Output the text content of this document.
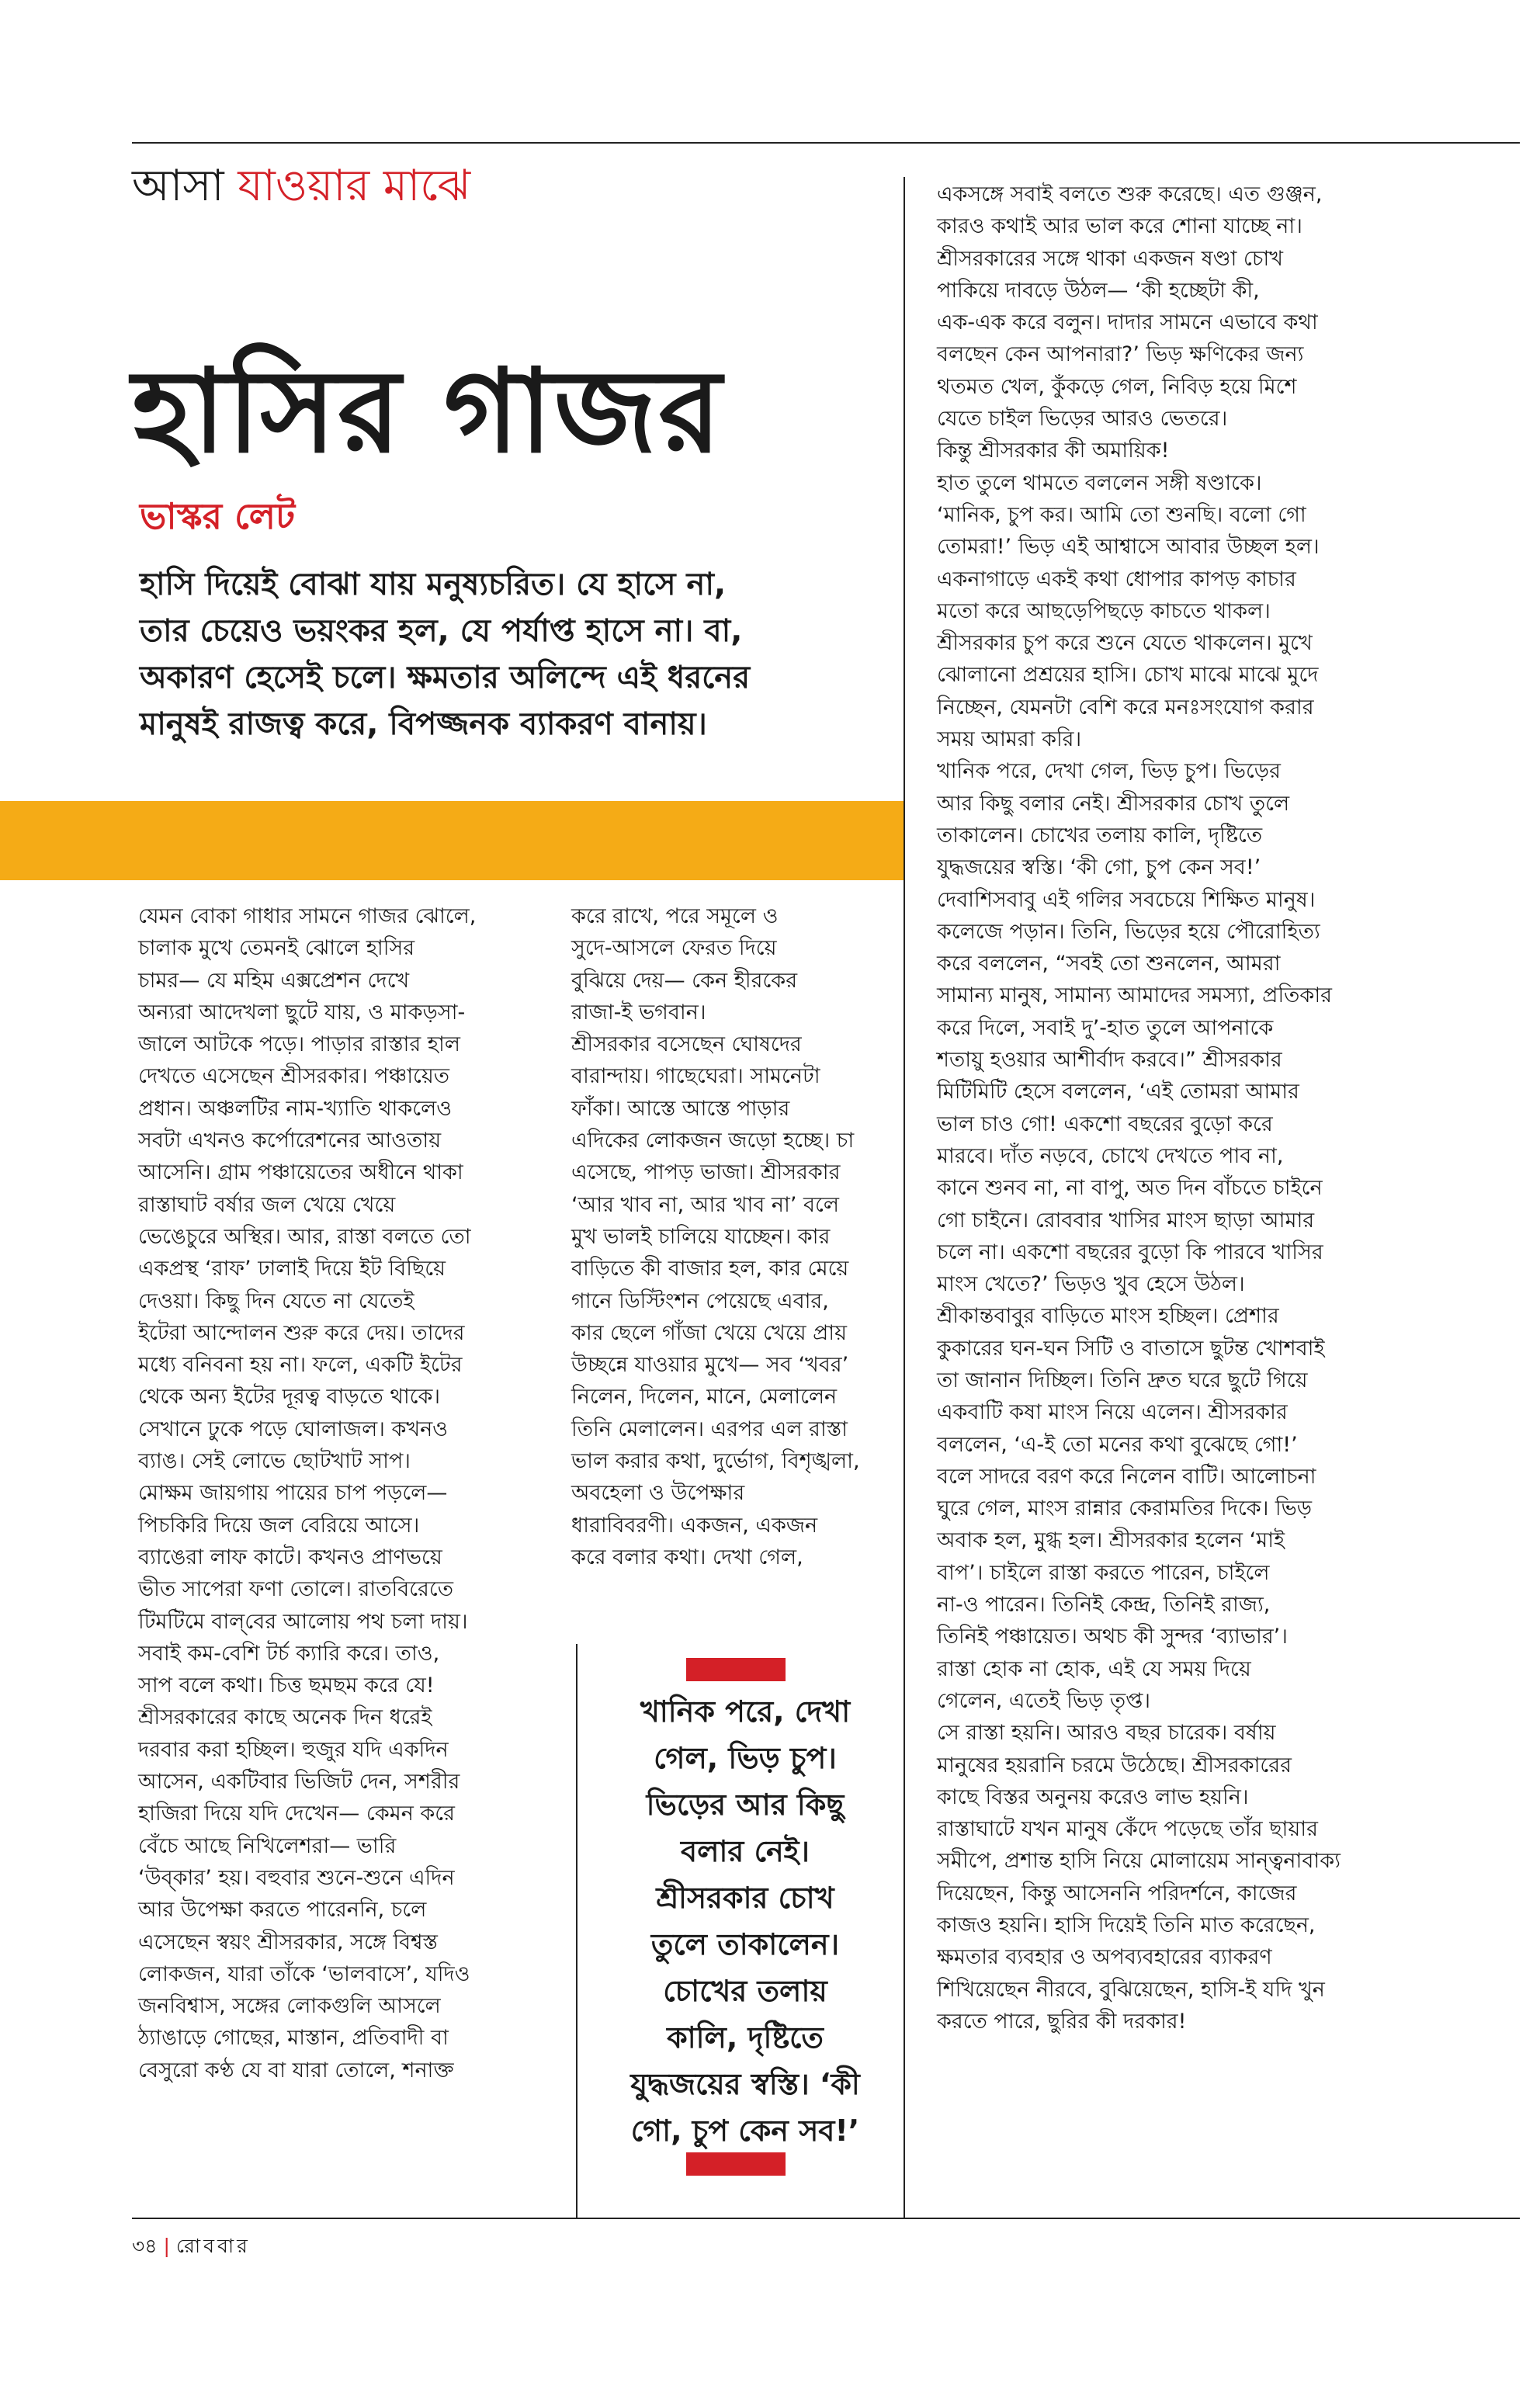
আসা যাওয়ার মাঝে
হাসির গাজর
ভাস্কর লেট

হাসি দিয়েই বোঝা যায় মনুষ্যচরিত। যে হাসে না,

তার চেয়েও ভয়ংকর হল, যে পর্যাপ্ত হাসে না। বা,

অকারণ হেসেই চলে। ক্ষমতার অলিন্দে এই ধরনের

মানুষই রাজত্ব করে, বিপজ্জনক ব্যাকরণ বানায়।

যেমন বোকা গাধার সামনে গাজর ঝোলে,

চালাক মুখে তেমনই ঝোলে হাসির

চামর— যে মহিম এক্সপ্রেশন দেখে

অন্যরা আদেখলা ছুটে যায়, ও মাকড়সা-

জালে আটকে পড়ে। পাড়ার রাস্তার হাল

দেখতে এসেছেন শ্রীসরকার। পঞ্চায়েত

প্রধান। অঞ্চলটির নাম-খ্যাতি থাকলেও

সবটা এখনও কর্পোরেশনের আওতায়

আসেনি। গ্রাম পঞ্চায়েতের অধীনে থাকা

রাস্তাঘাট বর্ষার জল খেয়ে খেয়ে

ভেঙেচুরে অস্থির। আর, রাস্তা বলতে তো

একপ্রস্থ ‘রাফ’ ঢালাই দিয়ে ইট বিছিয়ে

দেওয়া। কিছু দিন যেতে না যেতেই

ইটেরা আন্দোলন শুরু করে দেয়। তাদের

মধ্যে বনিবনা হয় না। ফলে, একটি ইটের

থেকে অন্য ইটের দূরত্ব বাড়তে থাকে।

সেখানে ঢুকে পড়ে ঘোলাজল। কখনও

ব্যাঙ। সেই লোভে ছোটখাট সাপ।

মোক্ষম জায়গায় পায়ের চাপ পড়লে—

পিচকিরি দিয়ে জল বেরিয়ে আসে।

ব্যাঙেরা লাফ কাটে। কখনও প্রাণভয়ে

ভীত সাপেরা ফণা তোলে। রাতবিরেতে

টিমটিমে বাল্‌বের আলোয় পথ চলা দায়।

সবাই কম-বেশি টর্চ ক্যারি করে। তাও,

সাপ বলে কথা। চিত্ত ছমছম করে যে!

শ্রীসরকারের কাছে অনেক দিন ধরেই

দরবার করা হচ্ছিল। হুজুর যদি একদিন

আসেন, একটিবার ভিজিট দেন, সশরীর

হাজিরা দিয়ে যদি দেখেন— কেমন করে

বেঁচে আছে নিখিলেশরা— ভারি

‘উব্‌কার’ হয়। বহুবার শুনে-শুনে এদিন

আর উপেক্ষা করতে পারেননি, চলে

এসেছেন স্বয়ং শ্রীসরকার, সঙ্গে বিশ্বস্ত

লোকজন, যারা তাঁকে ‘ভালবাসে’, যদিও

জনবিশ্বাস, সঙ্গের লোকগুলি আসলে

ঠ্যাঙাড়ে গোছের, মাস্তান, প্রতিবাদী বা

বেসুরো কণ্ঠ যে বা যারা তোলে, শনাক্ত

করে রাখে, পরে সমূলে ও

সুদে-আসলে ফেরত দিয়ে

বুঝিয়ে দেয়— কেন হীরকের

রাজা-ই ভগবান।

শ্রীসরকার বসেছেন ঘোষদের

বারান্দায়। গাছেঘেরা। সামনেটা

ফাঁকা। আস্তে আস্তে পাড়ার

এদিকের লোকজন জড়ো হচ্ছে। চা

এসেছে, পাপড় ভাজা। শ্রীসরকার

‘আর খাব না, আর খাব না’ বলে

মুখ ভালই চালিয়ে যাচ্ছেন। কার

বাড়িতে কী বাজার হল, কার মেয়ে

গানে ডিস্টিংশন পেয়েছে এবার,

কার ছেলে গাঁজা খেয়ে খেয়ে প্রায়

উচ্ছন্নে যাওয়ার মুখে— সব ‘খবর’

নিলেন, দিলেন, মানে, মেলালেন

তিনি মেলালেন। এরপর এল রাস্তা

ভাল করার কথা, দুর্ভোগ, বিশৃঙ্খলা,

অবহেলা ও উপেক্ষার

ধারাবিবরণী। একজন, একজন

করে বলার কথা। দেখা গেল,

একসঙ্গে সবাই বলতে শুরু করেছে। এত গুঞ্জন,

কারও কথাই আর ভাল করে শোনা যাচ্ছে না।

শ্রীসরকারের সঙ্গে থাকা একজন ষণ্ডা চোখ

পাকিয়ে দাবড়ে উঠল— ‘কী হচ্ছেটা কী,

এক-এক করে বলুন। দাদার সামনে এভাবে কথা

বলছেন কেন আপনারা?’ ভিড় ক্ষণিকের জন্য

থতমত খেল, কুঁকড়ে গেল, নিবিড় হয়ে মিশে

যেতে চাইল ভিড়ের আরও ভেতরে।

কিন্তু শ্রীসরকার কী অমায়িক!

হাত তুলে থামতে বললেন সঙ্গী ষণ্ডাকে।

‘মানিক, চুপ কর। আমি তো শুনছি। বলো গো

তোমরা!’ ভিড় এই আশ্বাসে আবার উচ্ছল হল।

একনাগাড়ে একই কথা ধোপার কাপড় কাচার

মতো করে আছড়েপিছড়ে কাচতে থাকল।

শ্রীসরকার চুপ করে শুনে যেতে থাকলেন। মুখে

ঝোলানো প্রশ্রয়ের হাসি। চোখ মাঝে মাঝে মুদে

নিচ্ছেন, যেমনটা বেশি করে মনঃসংযোগ করার

সময় আমরা করি।

খানিক পরে, দেখা গেল, ভিড় চুপ। ভিড়ের

আর কিছু বলার নেই। শ্রীসরকার চোখ তুলে

তাকালেন। চোখের তলায় কালি, দৃষ্টিতে

যুদ্ধজয়ের স্বস্তি। ‘কী গো, চুপ কেন সব!’

দেবাশিসবাবু এই গলির সবচেয়ে শিক্ষিত মানুষ।

কলেজে পড়ান। তিনি, ভিড়ের হয়ে পৌরোহিত্য

করে বললেন, “সবই তো শুনলেন, আমরা

সামান্য মানুষ, সামান্য আমাদের সমস্যা, প্রতিকার

করে দিলে, সবাই দু’-হাত তুলে আপনাকে

শতায়ু হওয়ার আশীর্বাদ করবে।” শ্রীসরকার

মিটিমিটি হেসে বললেন, ‘এই তোমরা আমার

ভাল চাও গো! একশো বছরের বুড়ো করে

মারবে। দাঁত নড়বে, চোখে দেখতে পাব না,

কানে শুনব না, না বাপু, অত দিন বাঁচতে চাইনে

গো চাইনে। রোববার খাসির মাংস ছাড়া আমার

চলে না। একশো বছরের বুড়ো কি পারবে খাসির

মাংস খেতে?’ ভিড়ও খুব হেসে উঠল।

শ্রীকান্তবাবুর বাড়িতে মাংস হচ্ছিল। প্রেশার

কুকারের ঘন-ঘন সিটি ও বাতাসে ছুটন্ত খোশবাই

তা জানান দিচ্ছিল। তিনি দ্রুত ঘরে ছুটে গিয়ে

একবাটি কষা মাংস নিয়ে এলেন। শ্রীসরকার

বললেন, ‘এ-ই তো মনের কথা বুঝেছে গো!’

বলে সাদরে বরণ করে নিলেন বাটি। আলোচনা

ঘুরে গেল, মাংস রান্নার কেরামতির দিকে। ভিড়

অবাক হল, মুগ্ধ হল। শ্রীসরকার হলেন ‘মাই

বাপ’। চাইলে রাস্তা করতে পারেন, চাইলে

না-ও পারেন। তিনিই কেন্দ্র, তিনিই রাজ্য,

তিনিই পঞ্চায়েত। অথচ কী সুন্দর ‘ব্যাভার’।

রাস্তা হোক না হোক, এই যে সময় দিয়ে

গেলেন, এতেই ভিড় তৃপ্ত।

সে রাস্তা হয়নি। আরও বছর চারেক। বর্ষায়

মানুষের হয়রানি চরমে উঠেছে। শ্রীসরকারের

কাছে বিস্তর অনুনয় করেও লাভ হয়নি।

রাস্তাঘাটে যখন মানুষ কেঁদে পড়েছে তাঁর ছায়ার

সমীপে, প্রশান্ত হাসি নিয়ে মোলায়েম সান্ত্বনাবাক্য

দিয়েছেন, কিন্তু আসেননি পরিদর্শনে, কাজের

কাজও হয়নি। হাসি দিয়েই তিনি মাত করেছেন,

ক্ষমতার ব্যবহার ও অপব্যবহারের ব্যাকরণ

শিখিয়েছেন নীরবে, বুঝিয়েছেন, হাসি-ই যদি খুন

করতে পারে, ছুরির কী দরকার!

খানিক পরে, দেখা

গেল, ভিড় চুপ।

ভিড়ের আর কিছু

বলার নেই।

শ্রীসরকার চোখ

তুলে তাকালেন।

চোখের তলায়

কালি, দৃষ্টিতে

যুদ্ধজয়ের স্বস্তি। ‘কী

গো, চুপ কেন সব!’

৩৪ | রোববার
